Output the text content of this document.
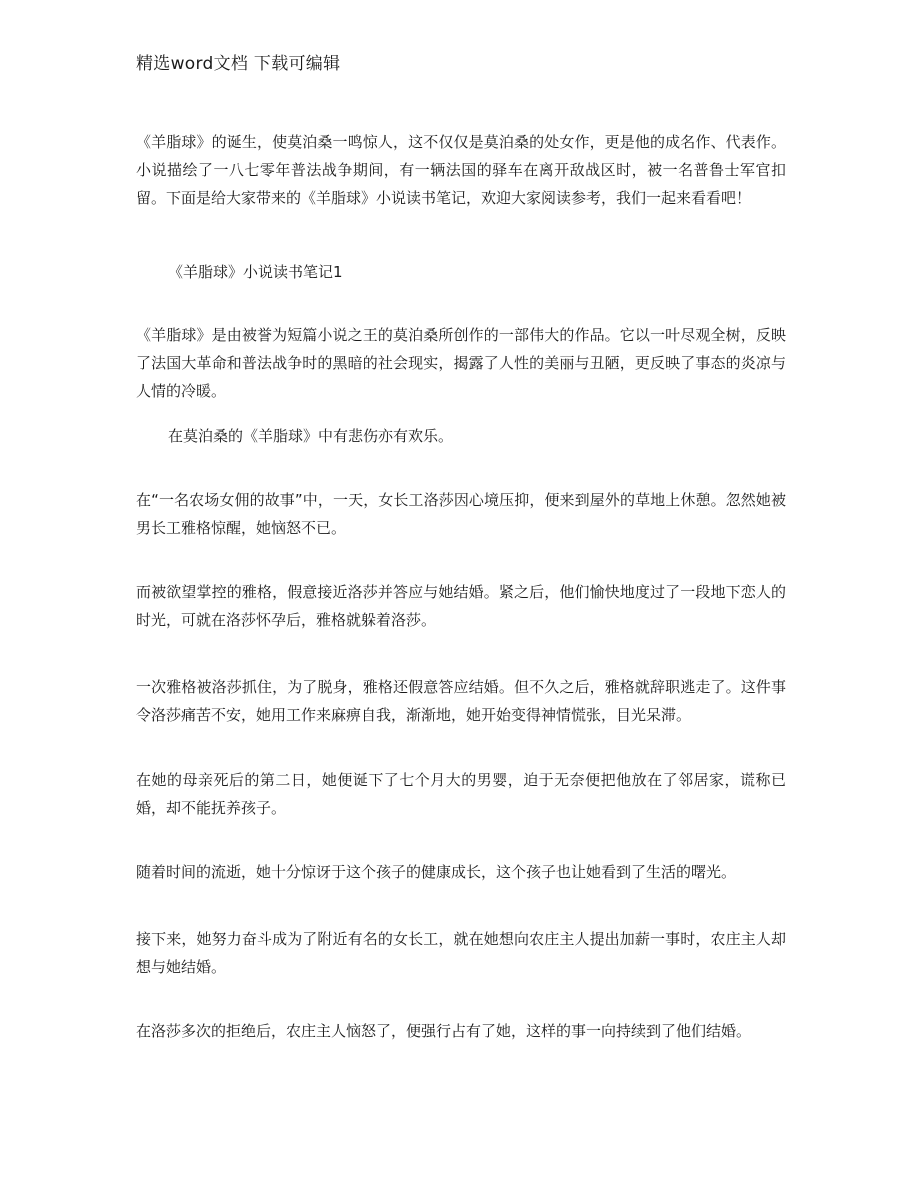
精选word文档 下载可编辑

《羊脂球》的诞生，使莫泊桑一鸣惊人，这不仅仅是莫泊桑的处女作，更是他的成名作、代表作。小说描绘了一八七零年普法战争期间，有一辆法国的驿车在离开敌战区时，被一名普鲁士军官扣留。下面是给大家带来的《羊脂球》小说读书笔记，欢迎大家阅读参考，我们一起来看看吧！

《羊脂球》小说读书笔记1

《羊脂球》是由被誉为短篇小说之王的莫泊桑所创作的一部伟大的作品。它以一叶尽观全树，反映了法国大革命和普法战争时的黑暗的社会现实，揭露了人性的美丽与丑陋，更反映了事态的炎凉与人情的冷暖。

在莫泊桑的《羊脂球》中有悲伤亦有欢乐。

在“一名农场女佣的故事”中，一天，女长工洛莎因心境压抑，便来到屋外的草地上休憩。忽然她被男长工雅格惊醒，她恼怒不已。

而被欲望掌控的雅格，假意接近洛莎并答应与她结婚。紧之后，他们愉快地度过了一段地下恋人的时光，可就在洛莎怀孕后，雅格就躲着洛莎。

一次雅格被洛莎抓住，为了脱身，雅格还假意答应结婚。但不久之后，雅格就辞职逃走了。这件事令洛莎痛苦不安，她用工作来麻痹自我，渐渐地，她开始变得神情慌张，目光呆滞。

在她的母亲死后的第二日，她便诞下了七个月大的男婴，迫于无奈便把他放在了邻居家，谎称已婚，却不能抚养孩子。

随着时间的流逝，她十分惊讶于这个孩子的健康成长，这个孩子也让她看到了生活的曙光。

接下来，她努力奋斗成为了附近有名的女长工，就在她想向农庄主人提出加薪一事时，农庄主人却想与她结婚。

在洛莎多次的拒绝后，农庄主人恼怒了，便强行占有了她，这样的事一向持续到了他们结婚。
